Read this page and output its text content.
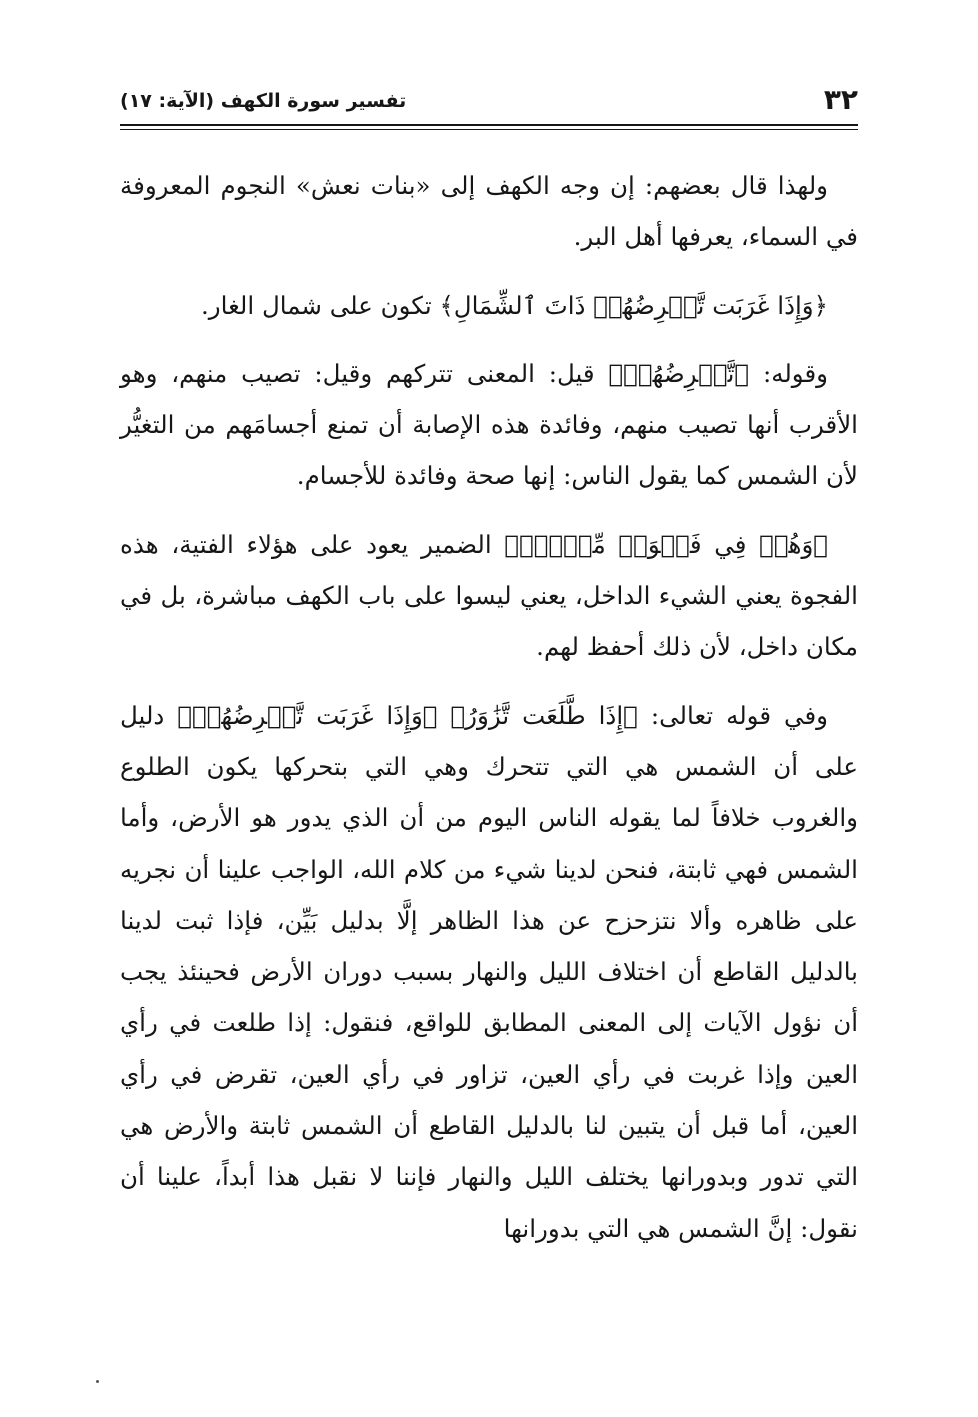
٣٢
تفسير سورة الكهف (الآية: ١٧)

ولهذا قال بعضهم: إن وجه الكهف إلى «بنات نعش» النجوم المعروفة في السماء، يعرفها أهل البر.

﴿وَإِذَا غَرَبَت تَّقۡرِضُهُمۡ ذَاتَ ٱلشِّمَالِ﴾ تكون على شمال الغار.

وقوله: ﴿تَّقۡرِضُهُمۡ﴾ قيل: المعنى تتركهم وقيل: تصيب منهم، وهو الأقرب أنها تصيب منهم، وفائدة هذه الإصابة أن تمنع أجسامَهم من التغيُّر لأن الشمس كما يقول الناس: إنها صحة وفائدة للأجسام.

﴿وَهُمۡ فِي فَجۡوَةٖ مِّنۡهُۚ﴾ الضمير يعود على هؤلاء الفتية، هذه الفجوة يعني الشيء الداخل، يعني ليسوا على باب الكهف مباشرة، بل في مكان داخل، لأن ذلك أحفظ لهم.

وفي قوله تعالى: ﴿إِذَا طَّلَعَت تَّزَٰوَرُ﴾ ﴿وَإِذَا غَرَبَت تَّقۡرِضُهُمۡ﴾ دليل على أن الشمس هي التي تتحرك وهي التي بتحركها يكون الطلوع والغروب خلافاً لما يقوله الناس اليوم من أن الذي يدور هو الأرض، وأما الشمس فهي ثابتة، فنحن لدينا شيء من كلام الله، الواجب علينا أن نجريه على ظاهره وألا نتزحزح عن هذا الظاهر إلَّا بدليل بَيِّن، فإذا ثبت لدينا بالدليل القاطع أن اختلاف الليل والنهار بسبب دوران الأرض فحينئذ يجب أن نؤول الآيات إلى المعنى المطابق للواقع، فنقول: إذا طلعت في رأي العين وإذا غربت في رأي العين، تزاور في رأي العين، تقرض في رأي العين، أما قبل أن يتبين لنا بالدليل القاطع أن الشمس ثابتة والأرض هي التي تدور وبدورانها يختلف الليل والنهار فإننا لا نقبل هذا أبداً، علينا أن نقول: إنَّ الشمس هي التي بدورانها
